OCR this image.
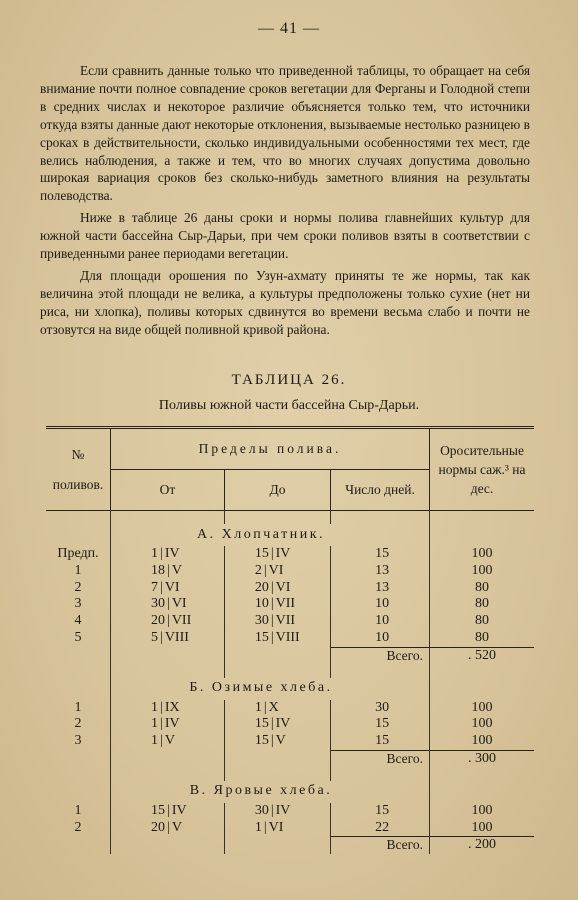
— 41 —

Если сравнить данные только что приведенной таблицы, то обращает на себя внимание почти полное совпадение сроков вегетации для Ферганы и Голодной степи в средних числах и некоторое различие объясняется только тем, что источники откуда взяты данные дают некоторые отклонения, вызываемые нестолько разницею в сроках в действительности, сколько индивидуальными особенностями тех мест, где велись наблюдения, а также и тем, что во многих случаях допустима довольно широкая вариация сроков без сколько-нибудь заметного влияния на результаты полеводства.

Ниже в таблице 26 даны сроки и нормы полива главнейших культур для южной части бассейна Сыр-Дарьи, при чем сроки поливов взяты в соответствии с приведенными ранее периодами вегетации.

Для площади орошения по Узун-ахмату приняты те же нормы, так как величина этой площади не велика, а культуры предположены только сухие (нет ни риса, ни хлопка), поливы которых сдвинутся во времени весьма слабо и почти не отзовутся на виде общей поливной кривой района.

ТАБЛИЦА 26.
Поливы южной части бассейна Сыр-Дарьи.
№
поливов.	Пределы полива.			Оросительные нормы саж.³ на дес.
	От	До	Число дней.	

	А. Хлопчатник.			
Предп.	1 | IV	15 | IV	15	100
1	18 | V	2 | VI	13	100
2	7 | VI	20 | VI	13	80
3	30 | VI	10 | VII	10	80
4	20 | VII	30 | VII	10	80
5	5 | VIII	15 | VIII	10	80
			Всего.	. 520

	Б. Озимые хлеба.			
1	1 | IX	1 | X	30	100
2	1 | IV	15 | IV	15	100
3	1 | V	15 | V	15	100
			Всего.	. 300

	В. Яровые хлеба.			
1	15 | IV	30 | IV	15	100
2	20 | V	1 | VI	22	100
			Всего.	. 200
